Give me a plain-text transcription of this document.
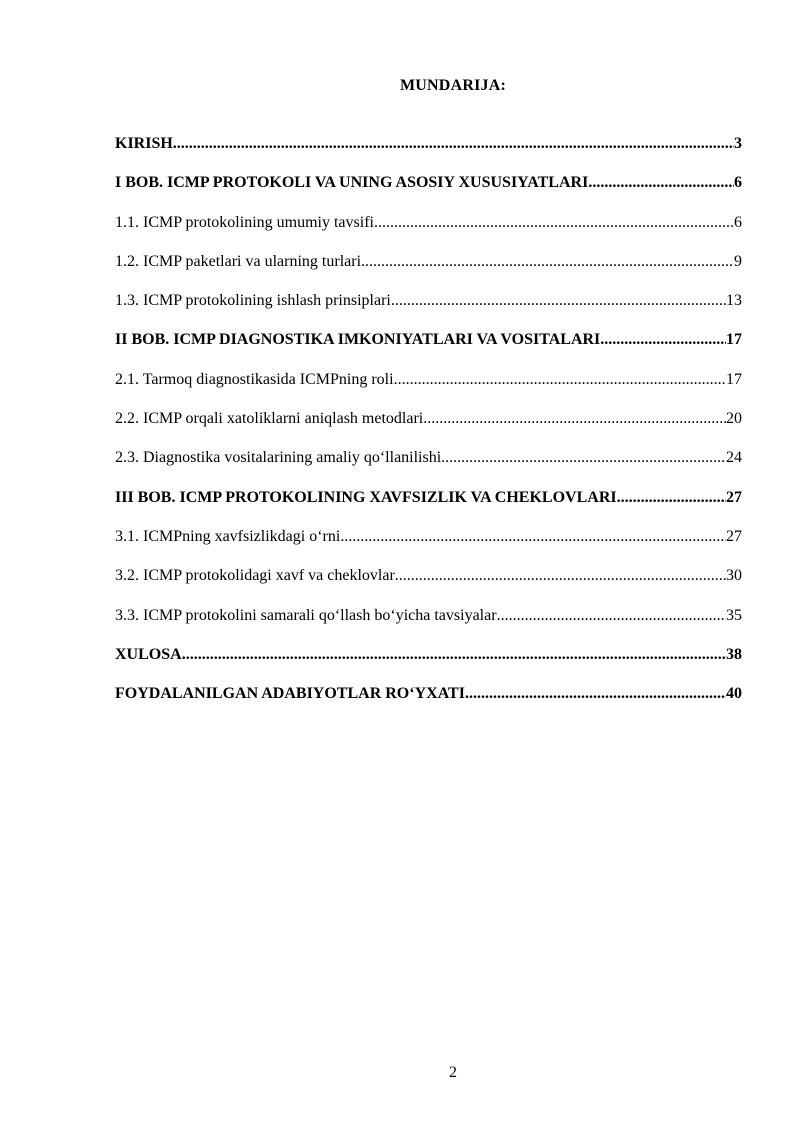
MUNDARIJA:
KIRISH .....	3
I BOB. ICMP PROTOKOLI VA UNING ASOSIY XUSUSIYATLARI .....	6
1.1. ICMP protokolining umumiy tavsifi .....	6
1.2. ICMP paketlari va ularning turlari .....	9
1.3. ICMP protokolining ishlash prinsiplari .....	13
II BOB. ICMP DIAGNOSTIKA IMKONIYATLARI VA VOSITALARI .....	17
2.1. Tarmoq diagnostikasida ICMPning roli .....	17
2.2. ICMP orqali xatoliklarni aniqlash metodlari .....	20
2.3. Diagnostika vositalarining amaliy qo‘llanilishi .....	24
III BOB. ICMP PROTOKOLINING XAVFSIZLIK VA CHEKLOVLARI .....	27
3.1. ICMPning xavfsizlikdagi o‘rni .....	27
3.2. ICMP protokolidagi xavf va cheklovlar .....	30
3.3. ICMP protokolini samarali qo‘llash bo‘yicha tavsiyalar .....	35
XULOSA .....	38
FOYDALANILGAN ADABIYOTLAR RO‘YXATI .....	40
2
